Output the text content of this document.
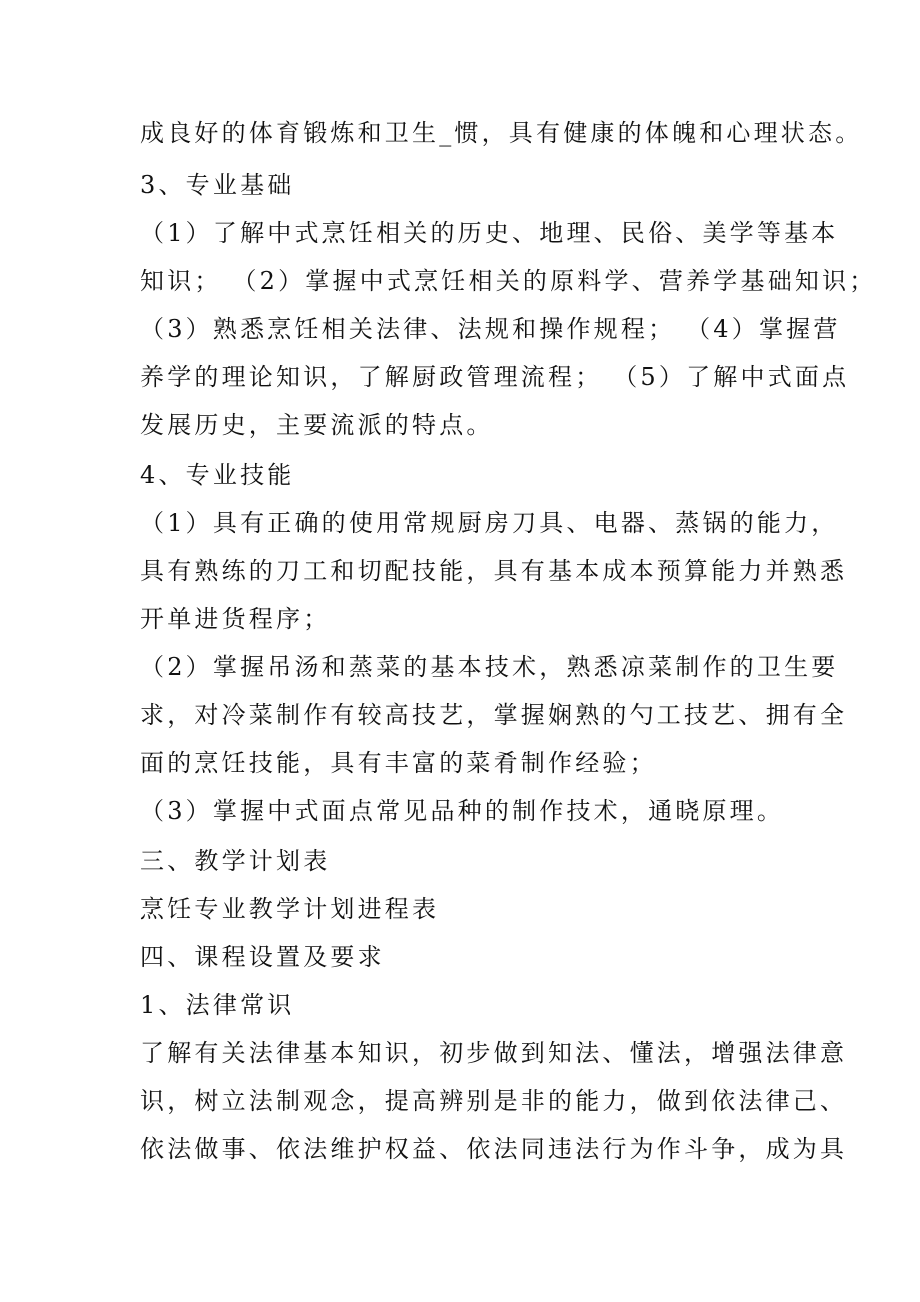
成良好的体育锻炼和卫生_惯，具有健康的体魄和心理状态。
3、专业基础
（1）了解中式烹饪相关的历史、地理、民俗、美学等基本
知识； （2）掌握中式烹饪相关的原料学、营养学基础知识；
（3）熟悉烹饪相关法律、法规和操作规程； （4）掌握营
养学的理论知识，了解厨政管理流程； （5）了解中式面点
发展历史，主要流派的特点。
4、专业技能
（1）具有正确的使用常规厨房刀具、电器、蒸锅的能力，
具有熟练的刀工和切配技能，具有基本成本预算能力并熟悉
开单进货程序；
（2）掌握吊汤和蒸菜的基本技术，熟悉凉菜制作的卫生要
求，对冷菜制作有较高技艺，掌握娴熟的勺工技艺、拥有全
面的烹饪技能，具有丰富的菜肴制作经验；
（3）掌握中式面点常见品种的制作技术，通晓原理。
三、教学计划表
烹饪专业教学计划进程表
四、课程设置及要求
1、法律常识
了解有关法律基本知识，初步做到知法、懂法，增强法律意
识，树立法制观念，提高辨别是非的能力，做到依法律己、
依法做事、依法维护权益、依法同违法行为作斗争，成为具
